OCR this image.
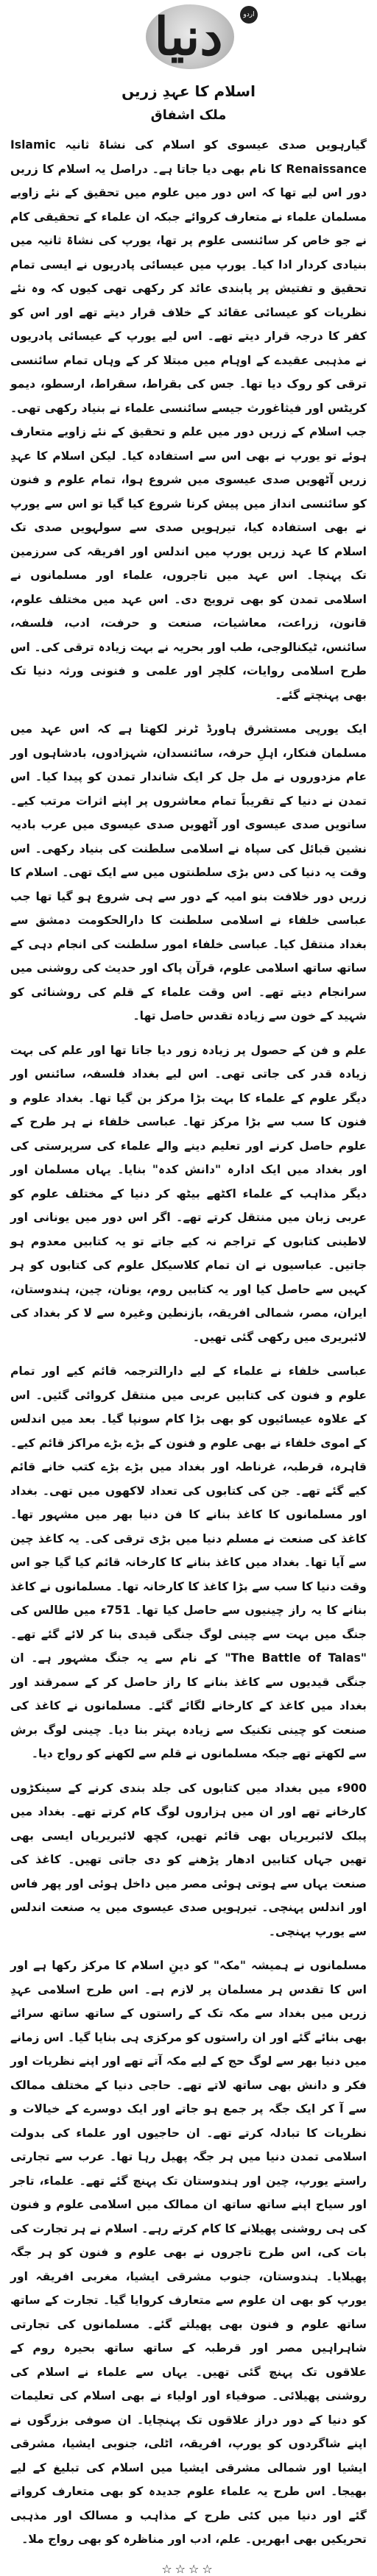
دنیا	اردو
اسلام کا عہدِ زریں
ملک اشفاق

گیارہویں صدی عیسوی کو اسلام کی نشاۃ ثانیہ Islamic Renaissance کا نام بھی دیا جاتا ہے۔ دراصل یہ اسلام کا زریں دور اس لیے تھا کہ اس دور میں علوم میں تحقیق کے نئے زاویے مسلمان علماء نے متعارف کروائے جبکہ ان علماء کے تحقیقی کام نے جو خاص کر سائنسی علوم پر تھا، یورپ کی نشاۃ ثانیہ میں بنیادی کردار ادا کیا۔ یورپ میں عیسائی پادریوں نے ایسی تمام تحقیق و تفتیش پر پابندی عائد کر رکھی تھی کیوں کہ وہ نئے نظریات کو عیسائی عقائد کے خلاف قرار دیتے تھے اور اس کو کفر کا درجہ قرار دیتے تھے۔ اس لیے یورپ کے عیسائی پادریوں نے مذہبی عقیدے کے اوہام میں مبتلا کر کے وہاں تمام سائنسی ترقی کو روک دیا تھا۔ جس کی بقراط، سقراط، ارسطو، دیمو کریٹس اور فیثاغورث جیسے سائنسی علماء نے بنیاد رکھی تھی۔ جب اسلام کے زریں دور میں علم و تحقیق کے نئے زاویے متعارف ہوئے تو یورپ نے بھی اس سے استفادہ کیا۔ لیکن اسلام کا عہدِ زریں آٹھویں صدی عیسوی میں شروع ہوا، تمام علوم و فنون کو سائنسی انداز میں پیش کرنا شروع کیا گیا تو اس سے یورپ نے بھی استفادہ کیا، تیرہویں صدی سے سولہویں صدی تک اسلام کا عہد زریں یورپ میں اندلس اور افریقہ کی سرزمین تک پہنچا۔ اس عہد میں تاجروں، علماء اور مسلمانوں نے اسلامی تمدن کو بھی ترویج دی۔ اس عہد میں مختلف علوم، قانون، زراعت، معاشیات، صنعت و حرفت، ادب، فلسفہ، سائنس، ٹیکنالوجی، طب اور بحریہ نے بہت زیادہ ترقی کی۔ اس طرح اسلامی روایات، کلچر اور علمی و فنونی ورثہ دنیا تک بھی پہنچتے گئے۔

ایک یورپی مستشرق ہاورڈ ٹرنر لکھتا ہے کہ اس عہد میں مسلمان فنکار، اہلِ حرفہ، سائنسدان، شہزادوں، بادشاہوں اور عام مزدوروں نے مل جل کر ایک شاندار تمدن کو پیدا کیا۔ اس تمدن نے دنیا کے تقریباً تمام معاشروں پر اپنے اثرات مرتب کیے۔ ساتویں صدی عیسوی اور آٹھویں صدی عیسوی میں عرب بادیہ نشین قبائل کی سپاہ نے اسلامی سلطنت کی بنیاد رکھی۔ اس وقت یہ دنیا کی دس بڑی سلطنتوں میں سے ایک تھی۔ اسلام کا زریں دور خلافت بنو امیہ کے دور سے ہی شروع ہو گیا تھا جب عباسی خلفاء نے اسلامی سلطنت کا دارالحکومت دمشق سے بغداد منتقل کیا۔ عباسی خلفاء امور سلطنت کی انجام دہی کے ساتھ ساتھ اسلامی علوم، قرآن پاک اور حدیث کی روشنی میں سرانجام دیتے تھے۔ اس وقت علماء کے قلم کی روشنائی کو شہید کے خون سے زیادہ تقدس حاصل تھا۔

علم و فن کے حصول پر زیادہ زور دیا جاتا تھا اور علم کی بہت زیادہ قدر کی جاتی تھی۔ اس لیے بغداد فلسفہ، سائنس اور دیگر علوم کے علماء کا بہت بڑا مرکز بن گیا تھا۔ بغداد علوم و فنون کا سب سے بڑا مرکز تھا۔ عباسی خلفاء نے ہر طرح کے علوم حاصل کرنے اور تعلیم دینے والے علماء کی سرپرستی کی اور بغداد میں ایک ادارہ "دانش کدہ" بنایا۔ یہاں مسلمان اور دیگر مذاہب کے علماء اکٹھے بیٹھ کر دنیا کے مختلف علوم کو عربی زبان میں منتقل کرتے تھے۔ اگر اس دور میں یونانی اور لاطینی کتابوں کے تراجم نہ کیے جاتے تو یہ کتابیں معدوم ہو جاتیں۔ عباسیوں نے ان تمام کلاسیکل علوم کی کتابوں کو ہر کہیں سے حاصل کیا اور یہ کتابیں روم، یونان، چین، ہندوستان، ایران، مصر، شمالی افریقہ، بازنطین وغیرہ سے لا کر بغداد کی لائبریری میں رکھی گئی تھیں۔

عباسی خلفاء نے علماء کے لیے دارالترجمہ قائم کیے اور تمام علوم و فنون کی کتابیں عربی میں منتقل کروائی گئیں۔ اس کے علاوہ عیسائیوں کو بھی بڑا کام سونپا گیا۔ بعد میں اندلس کے اموی خلفاء نے بھی علوم و فنون کے بڑے بڑے مراکز قائم کیے۔ قاہرہ، قرطبہ، غرناطہ اور بغداد میں بڑے بڑے کتب خانے قائم کیے گئے تھے۔ جن کی کتابوں کی تعداد لاکھوں میں تھی۔ بغداد اور مسلمانوں کا کاغذ بنانے کا فن دنیا بھر میں مشہور تھا۔ کاغذ کی صنعت نے مسلم دنیا میں بڑی ترقی کی۔ یہ کاغذ چین سے آیا تھا۔ بغداد میں کاغذ بنانے کا کارخانہ قائم کیا گیا جو اس وقت دنیا کا سب سے بڑا کاغذ کا کارخانہ تھا۔ مسلمانوں نے کاغذ بنانے کا یہ راز چینیوں سے حاصل کیا تھا۔ 751ء میں طالس کی جنگ میں بہت سے چینی لوگ جنگی قیدی بنا کر لائے گئے تھے۔ "The Battle of Talas" کے نام سے یہ جنگ مشہور ہے۔ ان جنگی قیدیوں سے کاغذ بنانے کا راز حاصل کر کے سمرقند اور بغداد میں کاغذ کے کارخانے لگائے گئے۔ مسلمانوں نے کاغذ کی صنعت کو چینی تکنیک سے زیادہ بہتر بنا دیا۔ چینی لوگ برش سے لکھتے تھے جبکہ مسلمانوں نے قلم سے لکھنے کو رواج دیا۔

900ء میں بغداد میں کتابوں کی جلد بندی کرنے کے سینکڑوں کارخانے تھے اور ان میں ہزاروں لوگ کام کرتے تھے۔ بغداد میں پبلک لائبریریاں بھی قائم تھیں، کچھ لائبریریاں ایسی بھی تھیں جہاں کتابیں ادھار پڑھنے کو دی جاتی تھیں۔ کاغذ کی صنعت یہاں سے ہوتی ہوئی مصر میں داخل ہوئی اور پھر فاس اور اندلس پہنچی۔ تیرہویں صدی عیسوی میں یہ صنعت اندلس سے یورپ پہنچی۔

مسلمانوں نے ہمیشہ "مکہ" کو دینِ اسلام کا مرکز رکھا ہے اور اس کا تقدس ہر مسلمان پر لازم ہے۔ اس طرح اسلامی عہدِ زریں میں بغداد سے مکہ تک کے راستوں کے ساتھ ساتھ سرائے بھی بنائے گئے اور ان راستوں کو مرکزی ہی بنایا گیا۔ اس زمانے میں دنیا بھر سے لوگ حج کے لیے مکہ آتے تھے اور اپنے نظریات اور فکر و دانش بھی ساتھ لاتے تھے۔ حاجی دنیا کے مختلف ممالک سے آ کر ایک جگہ پر جمع ہو جاتے اور ایک دوسرے کے خیالات و نظریات کا تبادلہ کرتے تھے۔ ان حاجیوں اور علماء کی بدولت اسلامی تمدن دنیا میں ہر جگہ پھیل رہا تھا۔ عرب سے تجارتی راستے یورپ، چین اور ہندوستان تک پہنچ گئے تھے۔ علماء، تاجر اور سیاح اپنے ساتھ ساتھ ان ممالک میں اسلامی علوم و فنون کی ہی روشنی پھیلانے کا کام کرتے رہے۔ اسلام نے ہر تجارت کی بات کی، اس طرح تاجروں نے بھی علوم و فنون کو ہر جگہ پھیلایا۔ ہندوستان، جنوب مشرقی ایشیا، مغربی افریقہ اور یورپ کو بھی ان علوم سے متعارف کروایا گیا۔ تجارت کے ساتھ ساتھ علوم و فنون بھی پھیلتے گئے۔ مسلمانوں کی تجارتی شاہراہیں مصر اور قرطبہ کے ساتھ ساتھ بحیرہ روم کے علاقوں تک پہنچ گئی تھیں۔ یہاں سے علماء نے اسلام کی روشنی پھیلائی۔ صوفیاء اور اولیاء نے بھی اسلام کی تعلیمات کو دنیا کے دور دراز علاقوں تک پہنچایا۔ ان صوفی بزرگوں نے اپنے شاگردوں کو یورپ، افریقہ، اٹلی، جنوبی ایشیا، مشرقی ایشیا اور شمالی مشرقی ایشیا میں اسلام کی تبلیغ کے لیے بھیجا۔ اس طرح یہ علماء علوم جدیدہ کو بھی متعارف کرواتے گئے اور دنیا میں کئی طرح کے مذاہب و مسالک اور مذہبی تحریکیں بھی ابھریں۔ علم، ادب اور مناظرہ کو بھی رواج ملا۔

☆☆☆☆
